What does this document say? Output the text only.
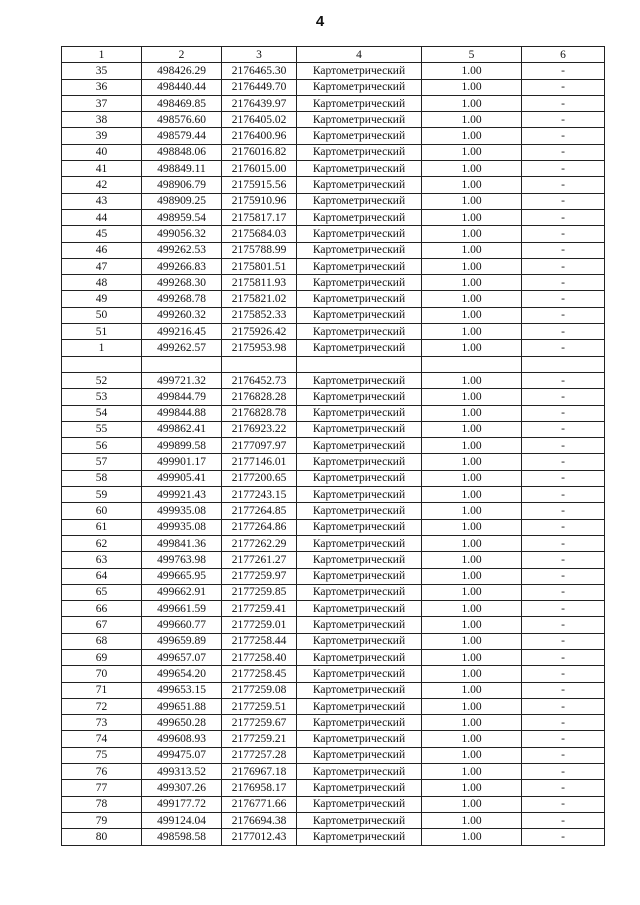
4
1	2	3	4	5	6
35	498426.29	2176465.30	Картометрический	1.00	-
36	498440.44	2176449.70	Картометрический	1.00	-
37	498469.85	2176439.97	Картометрический	1.00	-
38	498576.60	2176405.02	Картометрический	1.00	-
39	498579.44	2176400.96	Картометрический	1.00	-
40	498848.06	2176016.82	Картометрический	1.00	-
41	498849.11	2176015.00	Картометрический	1.00	-
42	498906.79	2175915.56	Картометрический	1.00	-
43	498909.25	2175910.96	Картометрический	1.00	-
44	498959.54	2175817.17	Картометрический	1.00	-
45	499056.32	2175684.03	Картометрический	1.00	-
46	499262.53	2175788.99	Картометрический	1.00	-
47	499266.83	2175801.51	Картометрический	1.00	-
48	499268.30	2175811.93	Картометрический	1.00	-
49	499268.78	2175821.02	Картометрический	1.00	-
50	499260.32	2175852.33	Картометрический	1.00	-
51	499216.45	2175926.42	Картометрический	1.00	-
1	499262.57	2175953.98	Картометрический	1.00	-

52	499721.32	2176452.73	Картометрический	1.00	-
53	499844.79	2176828.28	Картометрический	1.00	-
54	499844.88	2176828.78	Картометрический	1.00	-
55	499862.41	2176923.22	Картометрический	1.00	-
56	499899.58	2177097.97	Картометрический	1.00	-
57	499901.17	2177146.01	Картометрический	1.00	-
58	499905.41	2177200.65	Картометрический	1.00	-
59	499921.43	2177243.15	Картометрический	1.00	-
60	499935.08	2177264.85	Картометрический	1.00	-
61	499935.08	2177264.86	Картометрический	1.00	-
62	499841.36	2177262.29	Картометрический	1.00	-
63	499763.98	2177261.27	Картометрический	1.00	-
64	499665.95	2177259.97	Картометрический	1.00	-
65	499662.91	2177259.85	Картометрический	1.00	-
66	499661.59	2177259.41	Картометрический	1.00	-
67	499660.77	2177259.01	Картометрический	1.00	-
68	499659.89	2177258.44	Картометрический	1.00	-
69	499657.07	2177258.40	Картометрический	1.00	-
70	499654.20	2177258.45	Картометрический	1.00	-
71	499653.15	2177259.08	Картометрический	1.00	-
72	499651.88	2177259.51	Картометрический	1.00	-
73	499650.28	2177259.67	Картометрический	1.00	-
74	499608.93	2177259.21	Картометрический	1.00	-
75	499475.07	2177257.28	Картометрический	1.00	-
76	499313.52	2176967.18	Картометрический	1.00	-
77	499307.26	2176958.17	Картометрический	1.00	-
78	499177.72	2176771.66	Картометрический	1.00	-
79	499124.04	2176694.38	Картометрический	1.00	-
80	498598.58	2177012.43	Картометрический	1.00	-
